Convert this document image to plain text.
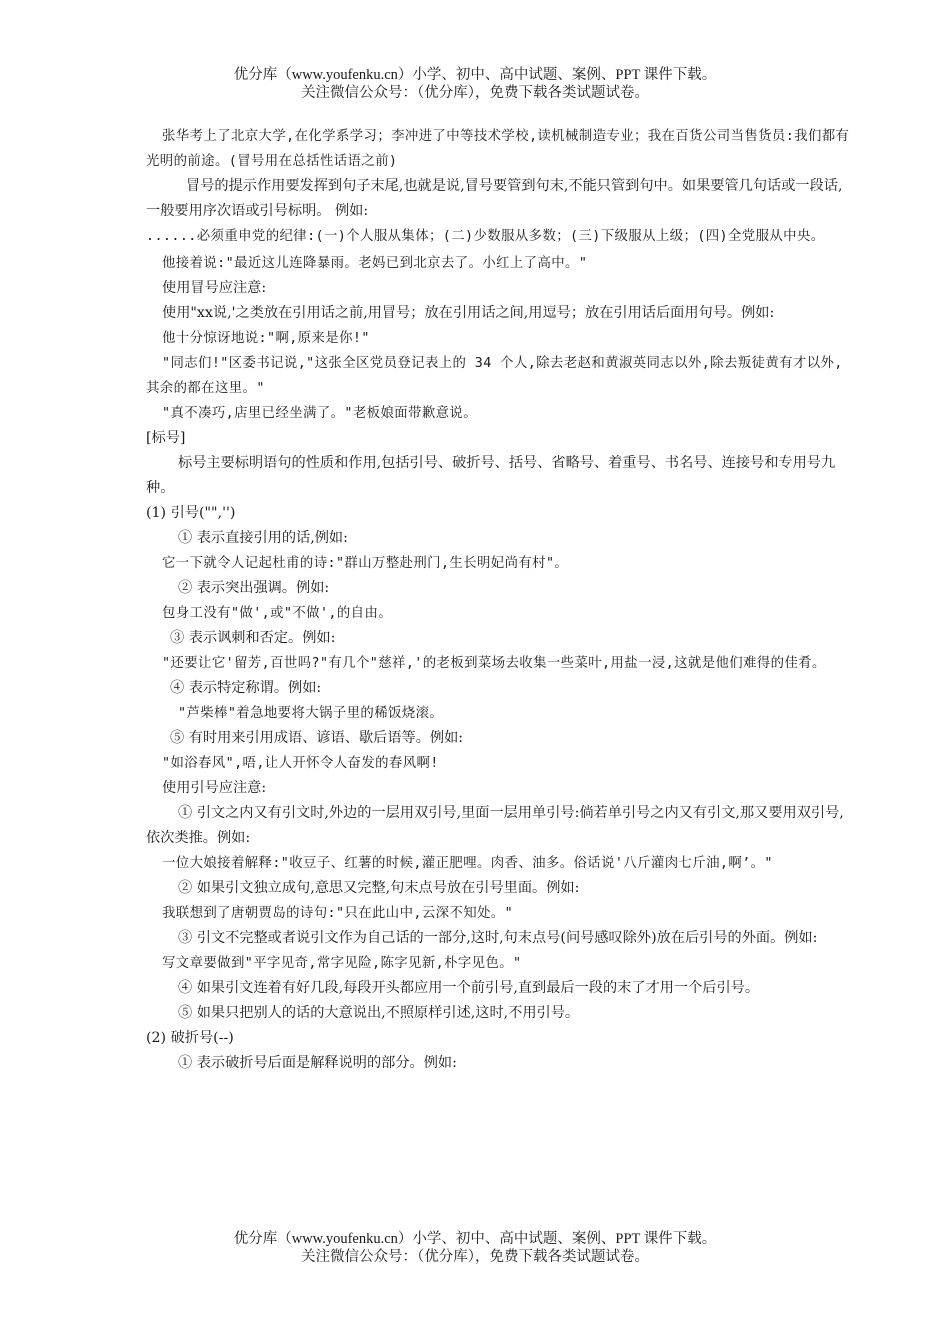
优分库（www.youfenku.cn）小学、初中、高中试题、案例、PPT 课件下载。
关注微信公众号：（优分库），免费下载各类试题试卷。

张华考上了北京大学,在化学系学习；李冲进了中等技术学校,读机械制造专业；我在百货公司当售货员:我们都有光明的前途。(冒号用在总括性话语之前)

冒号的提示作用要发挥到句子末尾,也就是说,冒号要管到句末,不能只管到句中。如果要管几句话或一段话,一般要用序次语或引号标明。 例如:

......必须重申党的纪律:(一)个人服从集体；(二)少数服从多数；(三)下级服从上级；(四)全党服从中央。

他接着说:"最近这儿连降暴雨。老妈已到北京去了。小红上了高中。"

使用冒号应注意:

使用"xx说,'之类放在引用话之前,用冒号；放在引用话之间,用逗号；放在引用话后面用句号。例如:

他十分惊讶地说:"啊,原来是你!"

"同志们!"区委书记说,"这张全区党员登记表上的 34 个人,除去老赵和黄淑英同志以外,除去叛徒黄有才以外,其余的都在这里。"

"真不凑巧,店里已经坐满了。"老板娘面带歉意说。

[标号]

标号主要标明语句的性质和作用,包括引号、破折号、括号、省略号、着重号、书名号、连接号和专用号九种。

(1) 引号("",'')

① 表示直接引用的话,例如:

它一下就令人记起杜甫的诗:"群山万整赴刑门,生长明妃尚有村"。

② 表示突出强调。例如:

包身工没有"做',或"不做',的自由。

③ 表示讽刺和否定。例如:

"还要让它'留芳,百世吗?"有几个"慈祥,'的老板到菜场去收集一些菜叶,用盐一浸,这就是他们难得的佳肴。

④ 表示特定称谓。例如:

"芦柴棒"着急地要将大锅子里的稀饭烧滚。

⑤ 有时用来引用成语、谚语、歇后语等。例如:

"如浴春风",唔,让人开怀令人奋发的春风啊!

使用引号应注意:

① 引文之内又有引文时,外边的一层用双引号,里面一层用单引号:倘若单引号之内又有引文,那又要用双引号,依次类推。例如:

一位大娘接着解释:"收豆子、红薯的时候,灌正肥哩。肉香、油多。俗话说'八斤灌肉七斤油,啊’。"

② 如果引文独立成句,意思又完整,句末点号放在引号里面。例如:

我联想到了唐朝贾岛的诗句:"只在此山中,云深不知处。"

③ 引文不完整或者说引文作为自己话的一部分,这时,句末点号(问号感叹除外)放在后引号的外面。例如:

写文章要做到"平字见奇,常字见险,陈字见新,朴字见色。"

④ 如果引文连着有好几段,每段开头都应用一个前引号,直到最后一段的末了才用一个后引号。

⑤ 如果只把别人的话的大意说出,不照原样引述,这时,不用引号。

(2) 破折号(--)

① 表示破折号后面是解释说明的部分。例如:

优分库（www.youfenku.cn）小学、初中、高中试题、案例、PPT 课件下载。
关注微信公众号：（优分库），免费下载各类试题试卷。
